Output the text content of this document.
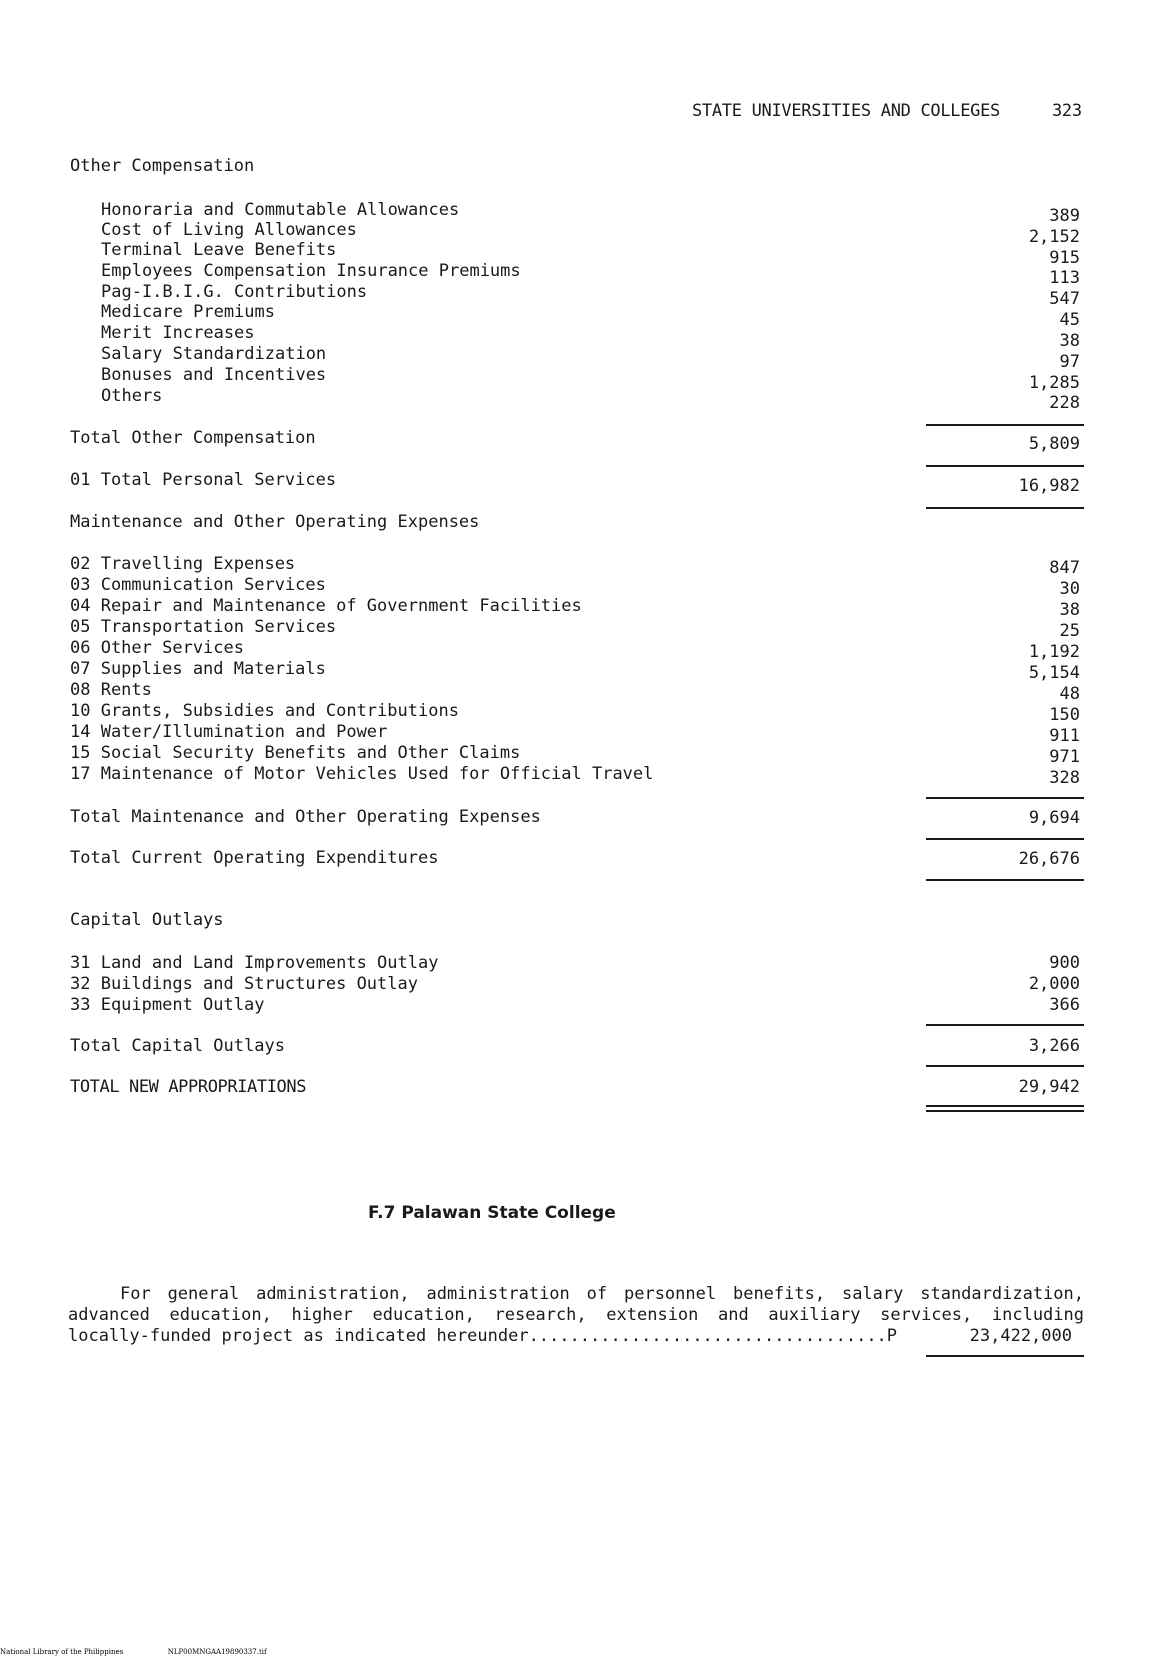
STATE UNIVERSITIES AND COLLEGES	323
Other Compensation
Honoraria and Commutable Allowances	389
Cost of Living Allowances	2,152
Terminal Leave Benefits	915
Employees Compensation Insurance Premiums	113
Pag-I.B.I.G. Contributions	547
Medicare Premiums	45
Merit Increases	38
Salary Standardization	97
Bonuses and Incentives	1,285
Others	228
Total Other Compensation	5,809
01 Total Personal Services	16,982
Maintenance and Other Operating Expenses
02 Travelling Expenses	847
03 Communication Services	30
04 Repair and Maintenance of Government Facilities	38
05 Transportation Services	25
06 Other Services	1,192
07 Supplies and Materials	5,154
08 Rents	48
10 Grants, Subsidies and Contributions	150
14 Water/Illumination and Power	911
15 Social Security Benefits and Other Claims	971
17 Maintenance of Motor Vehicles Used for Official Travel	328
Total Maintenance and Other Operating Expenses	9,694
Total Current Operating Expenditures	26,676
Capital Outlays
31 Land and Land Improvements Outlay	900
32 Buildings and Structures Outlay	2,000
33 Equipment Outlay	366
Total Capital Outlays	3,266
TOTAL NEW APPROPRIATIONS	29,942
F.7 Palawan State College
For general administration, administration of personnel benefits, salary standardization,
advanced education, higher education, research, extension and auxiliary services, including
locally-funded project as indicated hereunder...................................P	23,422,000
National Library of the Philippines	NLP00MNGAA19890337.tif
